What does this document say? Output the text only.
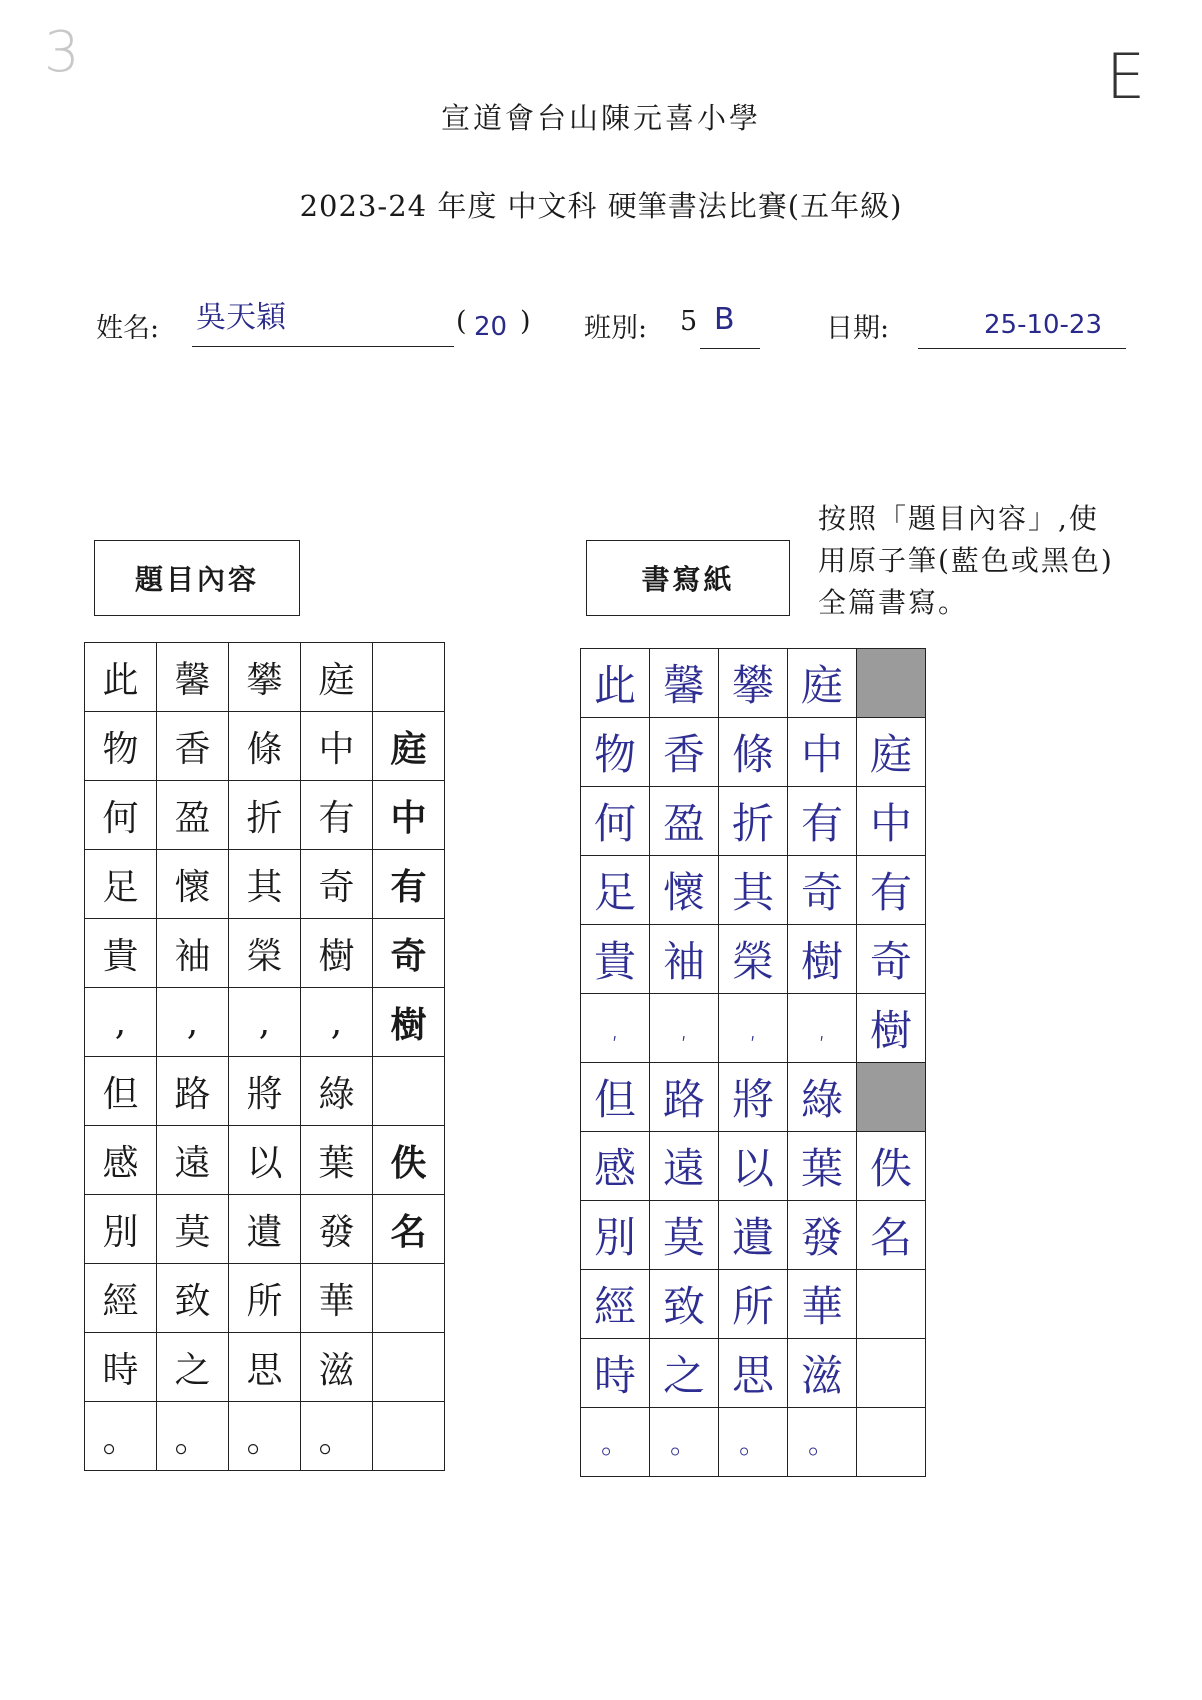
3	E
宣道會台山陳元喜小學
2023-24 年度 中文科 硬筆書法比賽(五年級)
姓名: 吳天穎	( 20 ) 班別: 5 B	日期:	25-10-23
按照「題目內容」,使
用原子筆(藍色或黑色)
全篇書寫。
題目內容	書寫紙
此	馨	攀	庭	
物	香	條	中	庭
何	盈	折	有	中
足	懷	其	奇	有
貴	袖	榮	樹	奇
,	,	,	,	樹
但	路	將	綠	
感	遠	以	葉	佚
別	莫	遺	發	名
經	致	所	華	
時	之	思	滋	
。	。	。	。	
此	馨	攀	庭	
物	香	條	中	庭
何	盈	折	有	中
足	懷	其	奇	有
貴	袖	榮	樹	奇
,	,	,	,	樹
但	路	將	綠	
感	遠	以	葉	佚
別	莫	遺	發	名
經	致	所	華	
時	之	思	滋	
。	。	。	。	
